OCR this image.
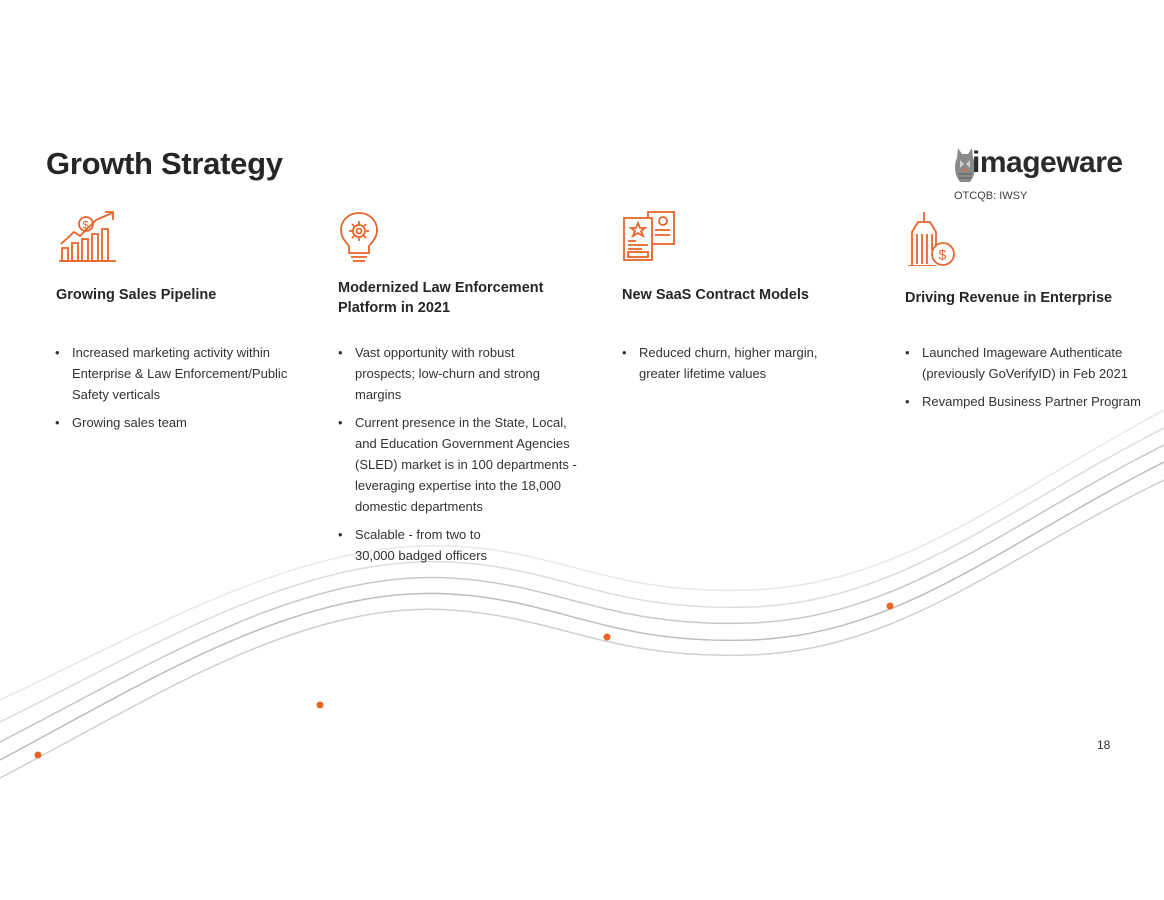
Growth Strategy	imageware
OTCQB: IWSY
$
Growing Sales Pipeline
• Increased marketing activity within Enterprise & Law Enforcement/Public Safety verticals
• Growing sales team
Modernized Law Enforcement Platform in 2021
• Vast opportunity with robust prospects; low-churn and strong margins
• Current presence in the State, Local, and Education Government Agencies (SLED) market is in 100 departments - leveraging expertise into the 18,000 domestic departments
• Scalable - from two to 30,000 badged officers
New SaaS Contract Models
• Reduced churn, higher margin, greater lifetime values
$
Driving Revenue in Enterprise
• Launched Imageware Authenticate (previously GoVerifyID) in Feb 2021
• Revamped Business Partner Program
18
